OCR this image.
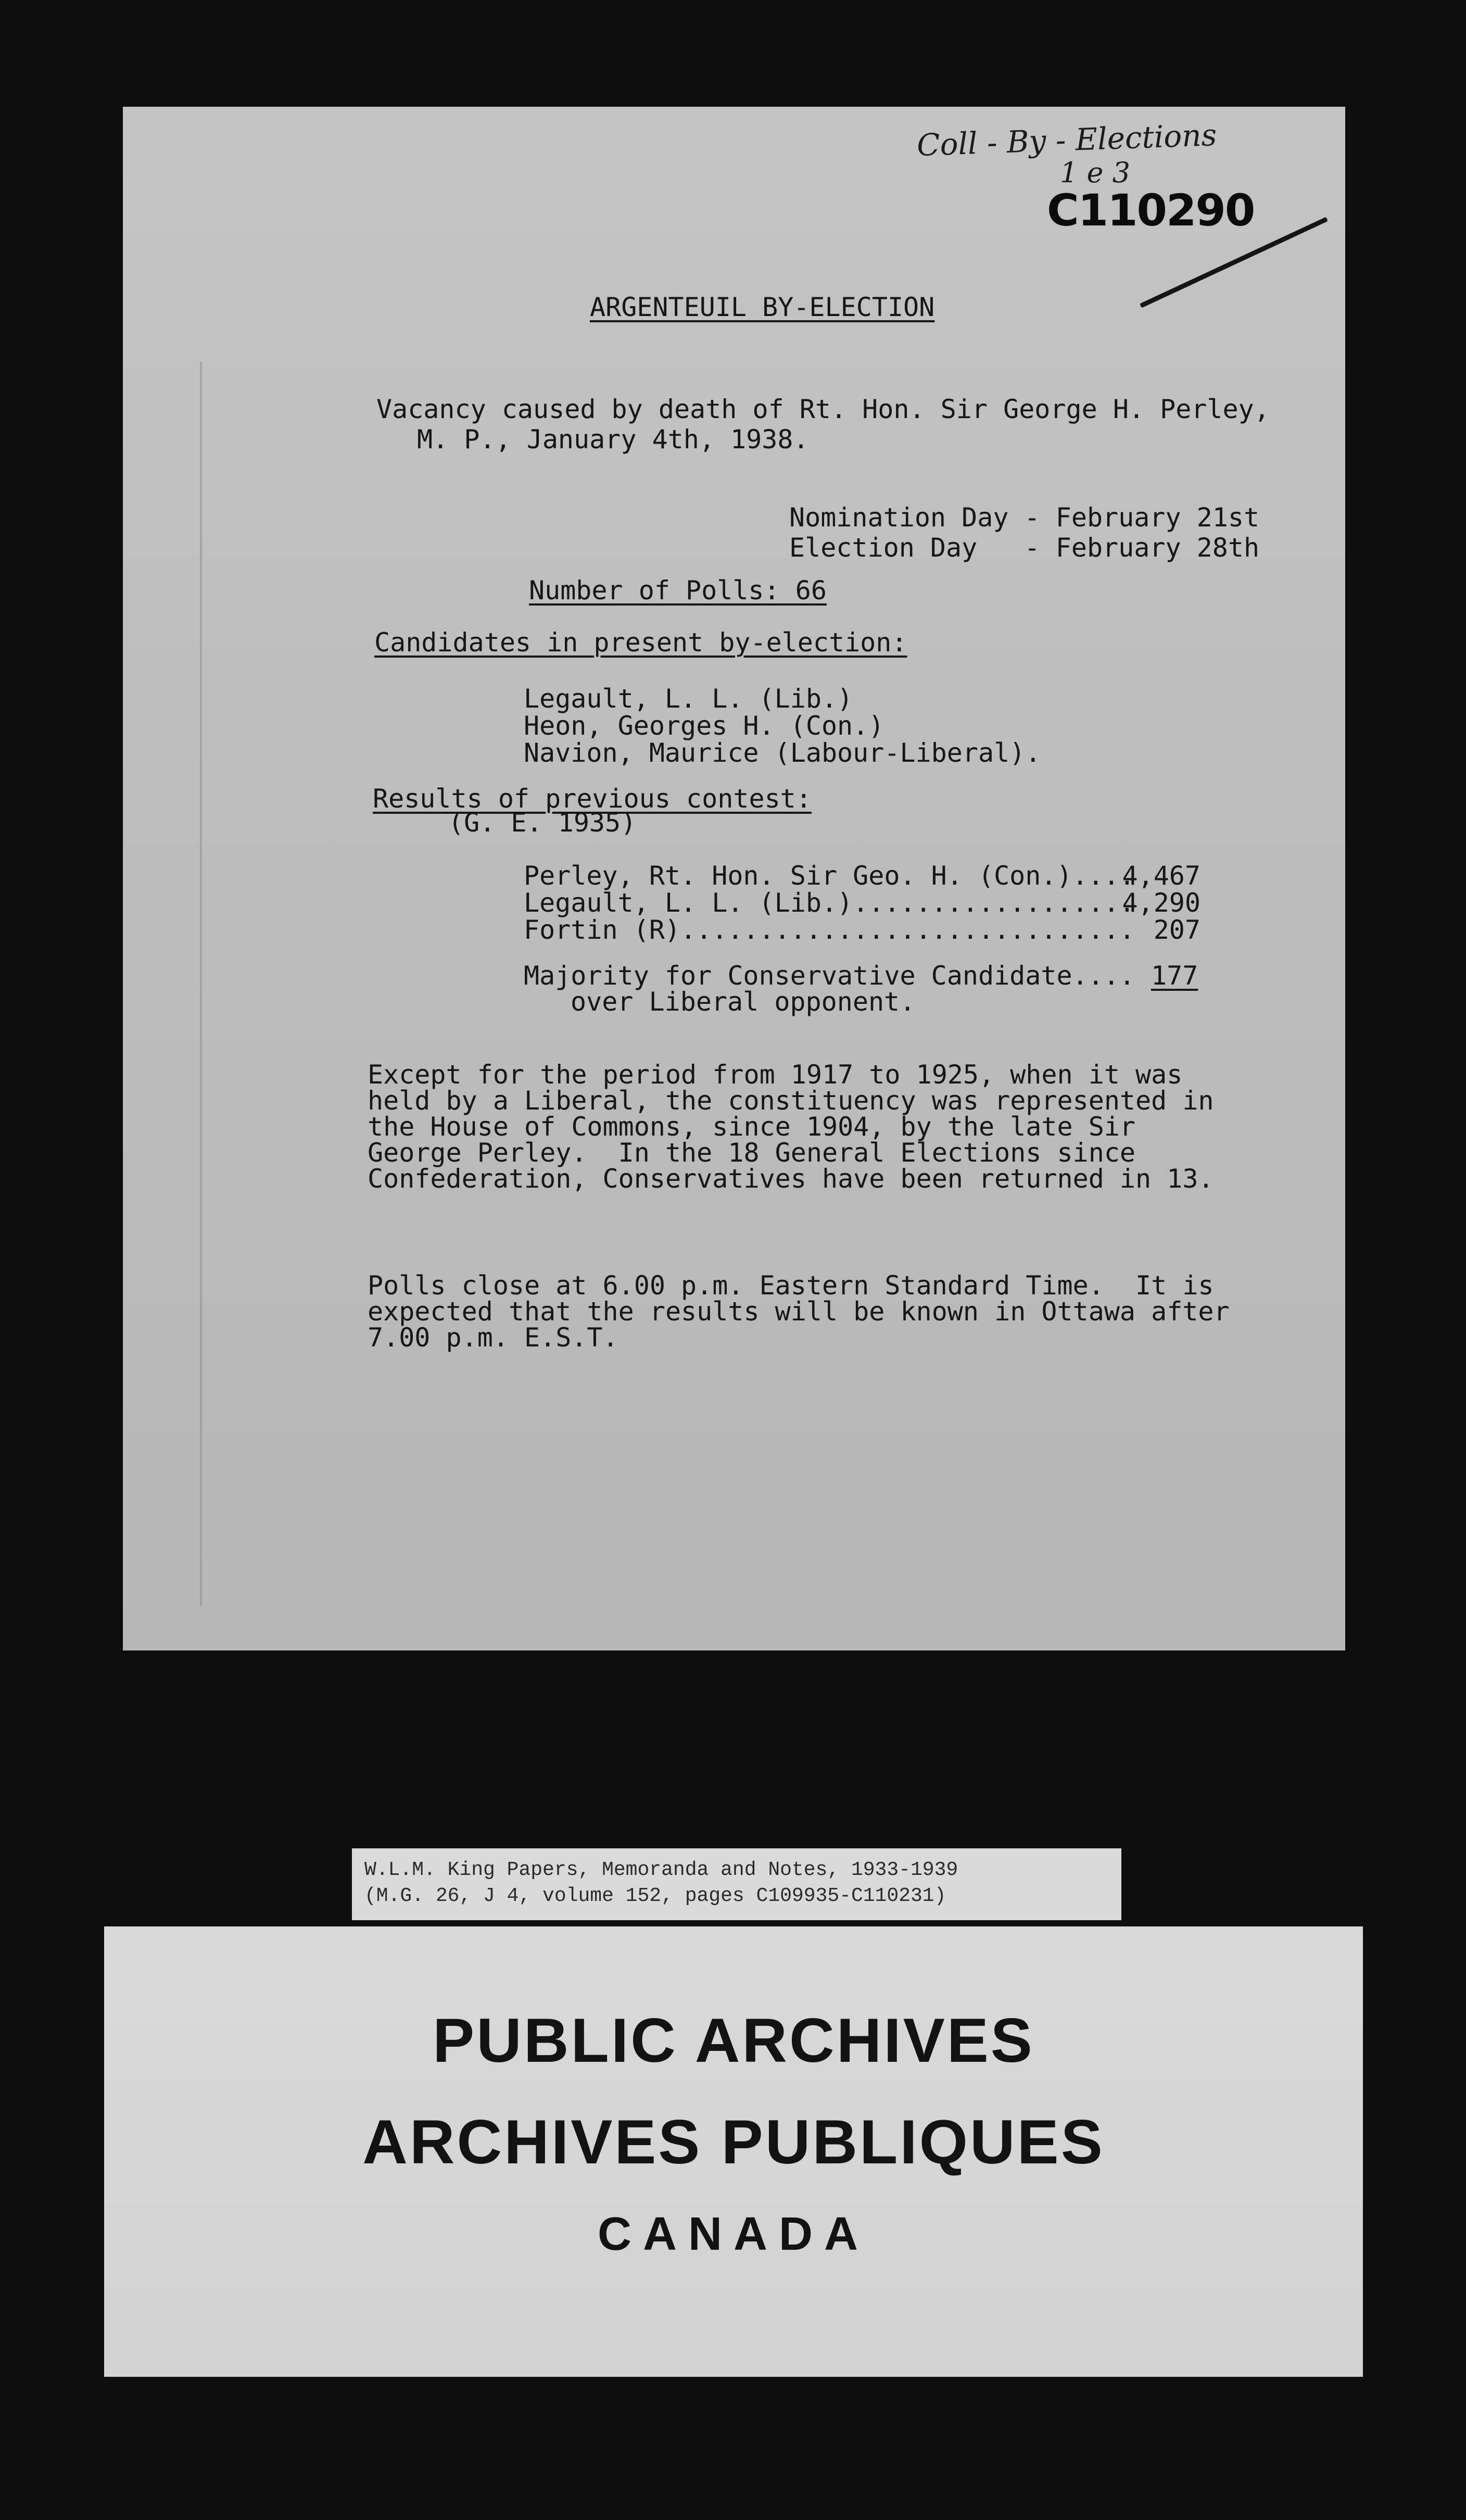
Coll - By - Elections
1 e 3
C110290
ARGENTEUIL BY-ELECTION
Vacancy caused by death of Rt. Hon. Sir George H. Perley,
M. P., January 4th, 1938.
Nomination Day - February 21st
Election Day   - February 28th
Number of Polls: 66
Candidates in present by-election:
Legault, L. L. (Lib.)
Heon, Georges H. (Con.)
Navion, Maurice (Labour-Liberal).
Results of previous contest:
(G. E. 1935)
Perley, Rt. Hon. Sir Geo. H. (Con.)....
4,467
Legault, L. L. (Lib.)..................
4,290
Fortin (R)............................. 207
Majority for Conservative Candidate.... 177
over Liberal opponent.
Except for the period from 1917 to 1925, when it was
held by a Liberal, the constituency was represented in
the House of Commons, since 1904, by the late Sir
George Perley.  In the 18 General Elections since
Confederation, Conservatives have been returned in 13.
Polls close at 6.00 p.m. Eastern Standard Time.  It is
expected that the results will be known in Ottawa after
7.00 p.m. E.S.T.
W.L.M. King Papers, Memoranda and Notes, 1933-1939
(M.G. 26, J 4, volume 152, pages C109935-C110231)
PUBLIC ARCHIVES
ARCHIVES PUBLIQUES
CANADA
